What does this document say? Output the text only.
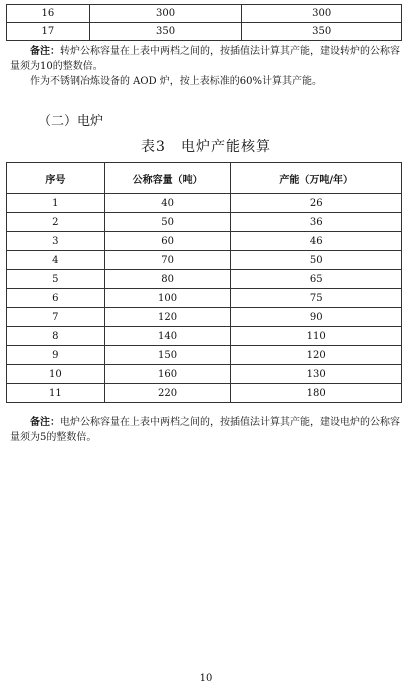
16	300	300
17	350	350
备注：转炉公称容量在上表中两档之间的，按插值法计算其产能，建设转炉的公称容量须为10的整数倍。
作为不锈钢冶炼设备的 AOD 炉，按上表标准的60%计算其产能。
（二）电炉
表3　电炉产能核算
序号	公称容量（吨）	产能（万吨/年）
1	40	26
2	50	36
3	60	46
4	70	50
5	80	65
6	100	75
7	120	90
8	140	110
9	150	120
10	160	130
11	220	180
备注：电炉公称容量在上表中两档之间的，按插值法计算其产能，建设电炉的公称容量须为5的整数倍。
10
